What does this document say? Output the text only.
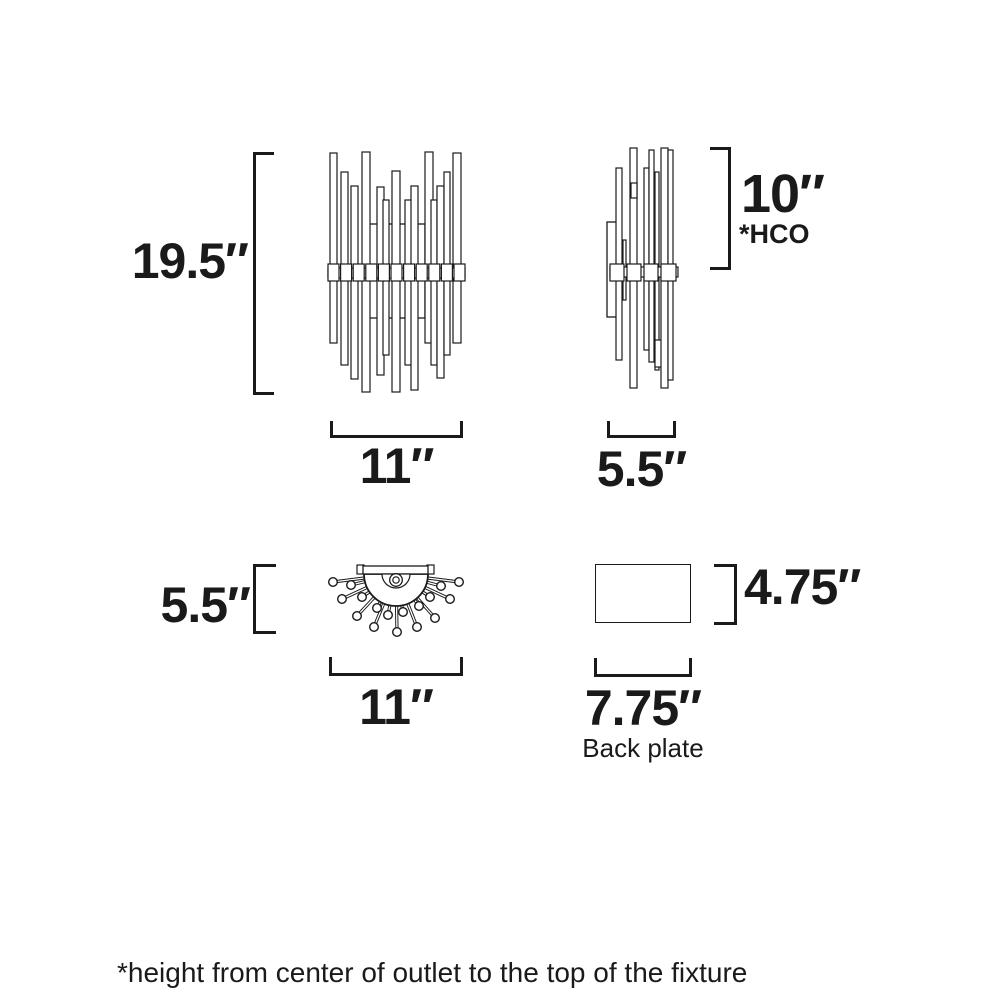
19.5″
11″
10″
*HCO
5.5″
5.5″
11″
4.75″
7.75″
Back plate
*height from center of outlet to the top of the fixture
